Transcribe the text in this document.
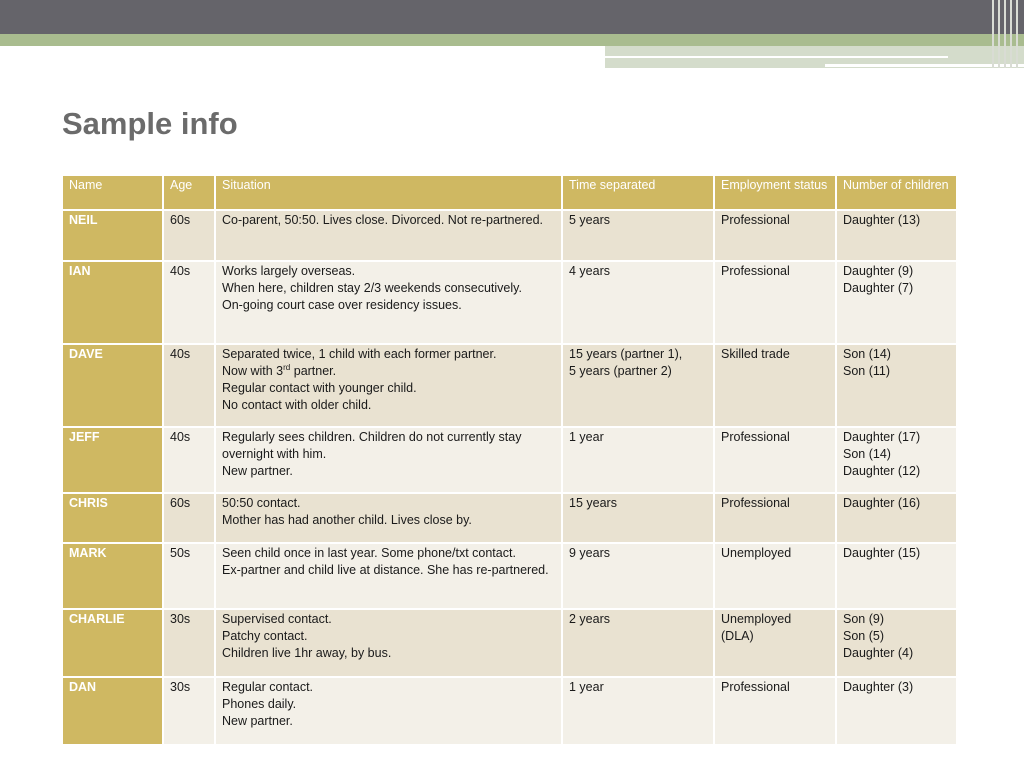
Sample info
Name	Age	Situation	Time separated	Employment status	Number of children
NEIL	60s	Co-parent, 50:50. Lives close. Divorced. Not re-partnered.	5 years	Professional	Daughter (13)

IAN	40s	Works largely overseas.
When here, children stay 2/3 weekends consecutively.
On-going court case over residency issues.	4 years	Professional	Daughter (9)
Daughter (7)

DAVE	40s	Separated twice, 1 child with each former partner.
Now with 3rd partner.
Regular contact with younger child.
No contact with older child.	15 years (partner 1),
5 years (partner 2)	Skilled trade	Son (14)
Son (11)

JEFF	40s	Regularly sees children. Children do not currently stay overnight with him.
New partner.	1 year	Professional	Daughter (17)
Son (14)
Daughter (12)

CHRIS	60s	50:50 contact.
Mother has had another child. Lives close by.	15 years	Professional	Daughter (16)

MARK	50s	Seen child once in last year. Some phone/txt contact.
Ex-partner and child live at distance. She has re-partnered.	9 years	Unemployed	Daughter (15)

CHARLIE	30s	Supervised contact.
Patchy contact.
Children live 1hr away, by bus.	2 years	Unemployed
(DLA)	Son (9)
Son (5)
Daughter (4)

DAN	30s	Regular contact.
Phones daily.
New partner.	1 year	Professional	Daughter (3)
